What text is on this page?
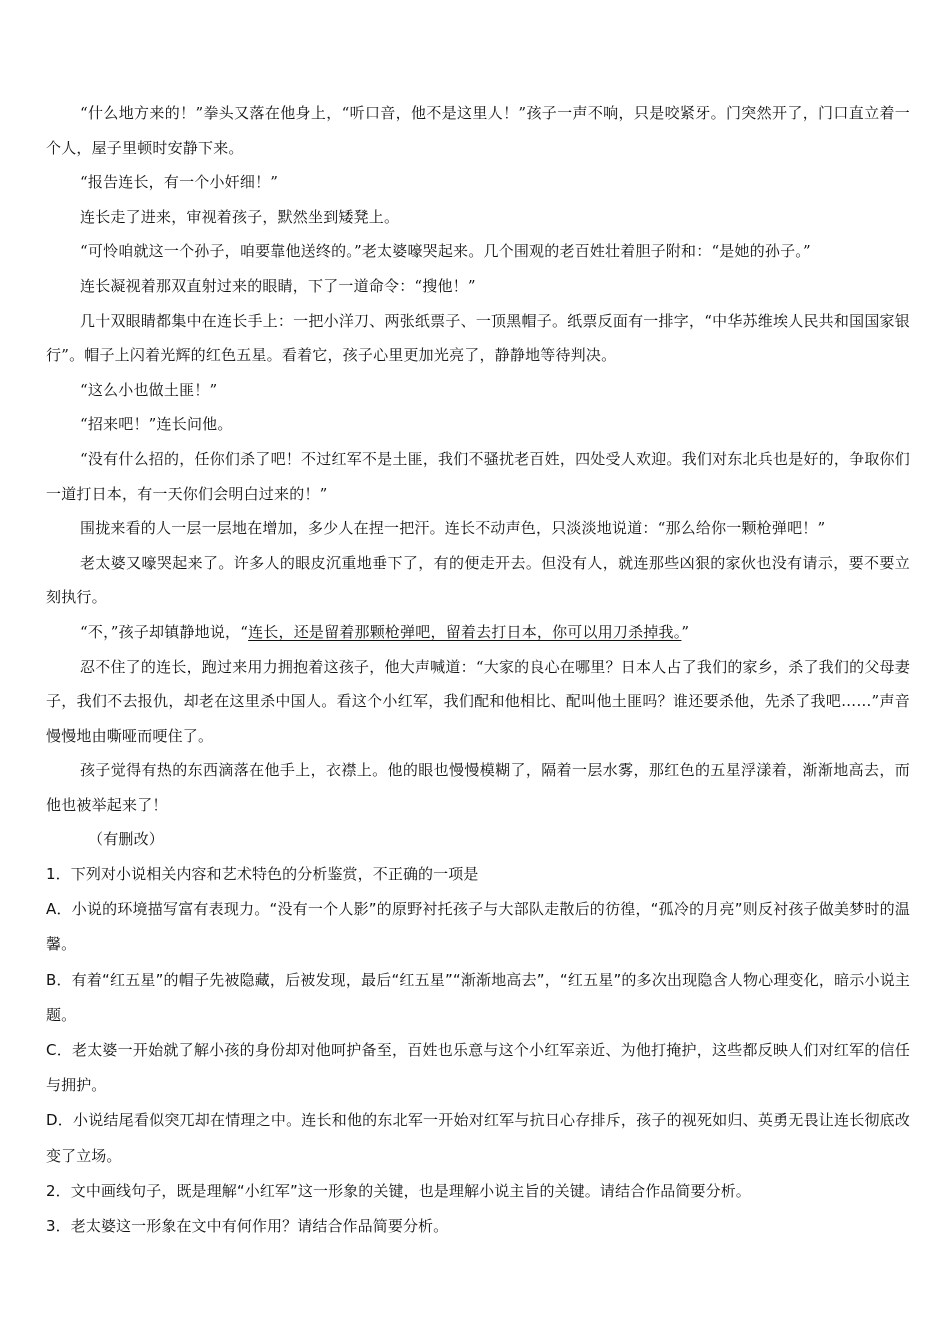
“什么地方来的！”拳头又落在他身上，“听口音，他不是这里人！”孩子一声不响，只是咬紧牙。门突然开了，门口直立着一个人，屋子里顿时安静下来。

“报告连长，有一个小奸细！”

连长走了进来，审视着孩子，默然坐到矮凳上。

“可怜咱就这一个孙子，咱要靠他送终的。”老太婆嚎哭起来。几个围观的老百姓壮着胆子附和：“是她的孙子。”

连长凝视着那双直射过来的眼睛，下了一道命令：“搜他！”

几十双眼睛都集中在连长手上：一把小洋刀、两张纸票子、一顶黑帽子。纸票反面有一排字，“中华苏维埃人民共和国国家银行”。帽子上闪着光辉的红色五星。看着它，孩子心里更加光亮了，静静地等待判决。

“这么小也做土匪！”

“招来吧！”连长问他。

“没有什么招的，任你们杀了吧！不过红军不是土匪，我们不骚扰老百姓，四处受人欢迎。我们对东北兵也是好的，争取你们一道打日本，有一天你们会明白过来的！”

围拢来看的人一层一层地在增加，多少人在捏一把汗。连长不动声色，只淡淡地说道：“那么给你一颗枪弹吧！”

老太婆又嚎哭起来了。许多人的眼皮沉重地垂下了，有的便走开去。但没有人，就连那些凶狠的家伙也没有请示，要不要立刻执行。

“不，”孩子却镇静地说，“连长，还是留着那颗枪弹吧，留着去打日本，你可以用刀杀掉我。”

忍不住了的连长，跑过来用力拥抱着这孩子，他大声喊道：“大家的良心在哪里？日本人占了我们的家乡，杀了我们的父母妻子，我们不去报仇，却老在这里杀中国人。看这个小红军，我们配和他相比、配叫他土匪吗？谁还要杀他，先杀了我吧……”声音慢慢地由嘶哑而哽住了。

孩子觉得有热的东西滴落在他手上，衣襟上。他的眼也慢慢模糊了，隔着一层水雾，那红色的五星浮漾着，渐渐地高去，而他也被举起来了！

（有删改）

1．下列对小说相关内容和艺术特色的分析鉴赏，不正确的一项是

A．小说的环境描写富有表现力。“没有一个人影”的原野衬托孩子与大部队走散后的彷徨，“孤冷的月亮”则反衬孩子做美梦时的温馨。

B．有着“红五星”的帽子先被隐藏，后被发现，最后“红五星”“渐渐地高去”，“红五星”的多次出现隐含人物心理变化，暗示小说主题。

C．老太婆一开始就了解小孩的身份却对他呵护备至，百姓也乐意与这个小红军亲近、为他打掩护，这些都反映人们对红军的信任与拥护。

D．小说结尾看似突兀却在情理之中。连长和他的东北军一开始对红军与抗日心存排斥，孩子的视死如归、英勇无畏让连长彻底改变了立场。

2．文中画线句子，既是理解“小红军”这一形象的关键，也是理解小说主旨的关键。请结合作品简要分析。

3．老太婆这一形象在文中有何作用？请结合作品简要分析。
